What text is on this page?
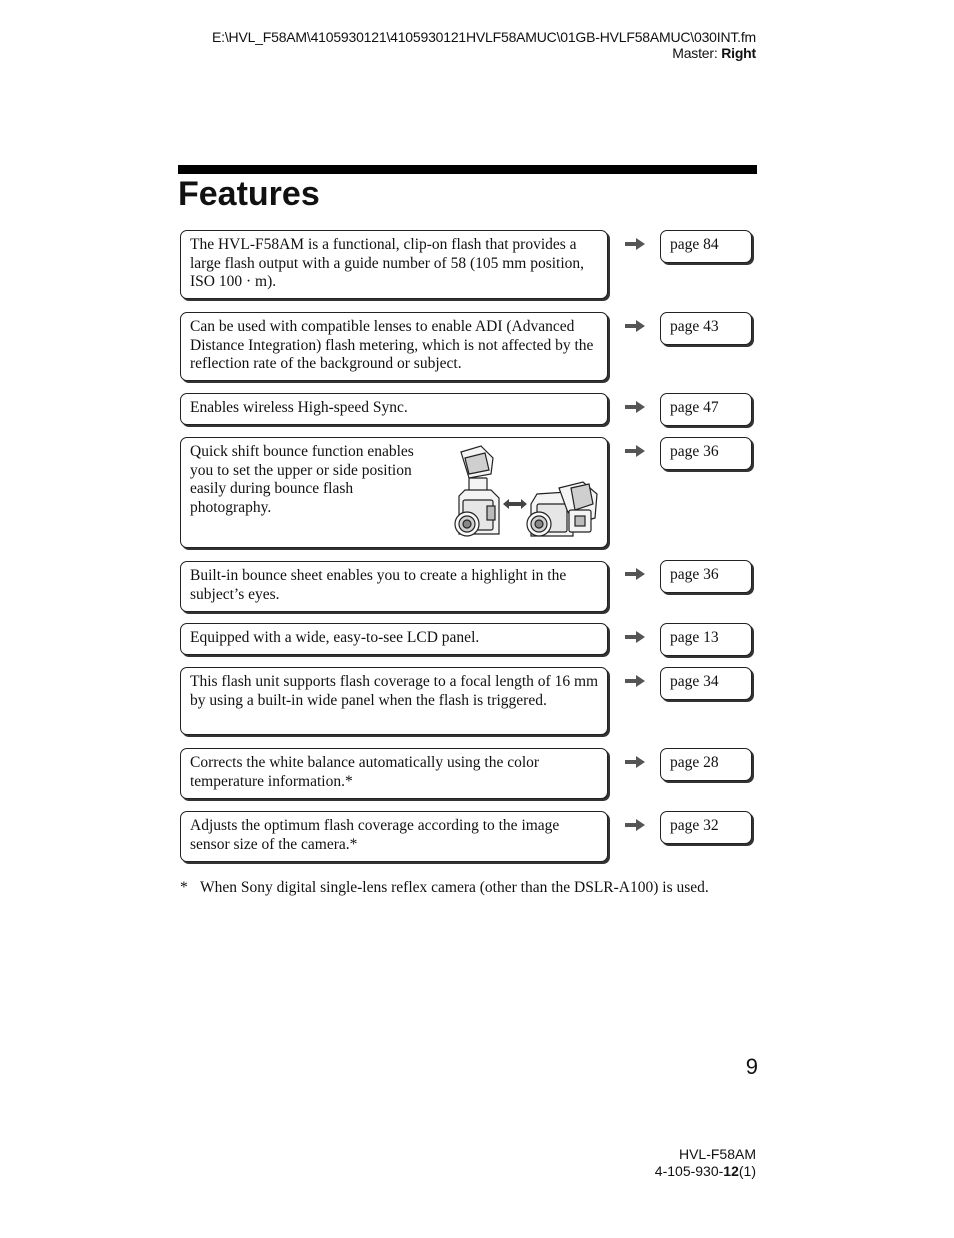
E:\HVL_F58AM\4105930121\4105930121HVLF58AMUC\01GB-HVLF58AMUC\030INT.fm
Master: Right
Features
The HVL-F58AM is a functional, clip-on flash that provides a large flash output with a guide number of 58 (105 mm position, ISO 100 · m).
page 84
Can be used with compatible lenses to enable ADI (Advanced Distance Integration) flash metering, which is not affected by the reflection rate of the background or subject.
page 43
Enables wireless High-speed Sync.	page 47
Quick shift bounce function enables you to set the upper or side position easily during bounce flash photography.
page 36
Built-in bounce sheet enables you to create a highlight in the subject’s eyes.
page 36
Equipped with a wide, easy-to-see LCD panel.	page 13
This flash unit supports flash coverage to a focal length of 16 mm by using a built-in wide panel when the flash is triggered.
page 34
Corrects the white balance automatically using the color temperature information.*
page 28
Adjusts the optimum flash coverage according to the image sensor size of the camera.*
page 32
* When Sony digital single-lens reflex camera (other than the DSLR-A100) is used.
9
HVL-F58AM
4-105-930-12(1)
